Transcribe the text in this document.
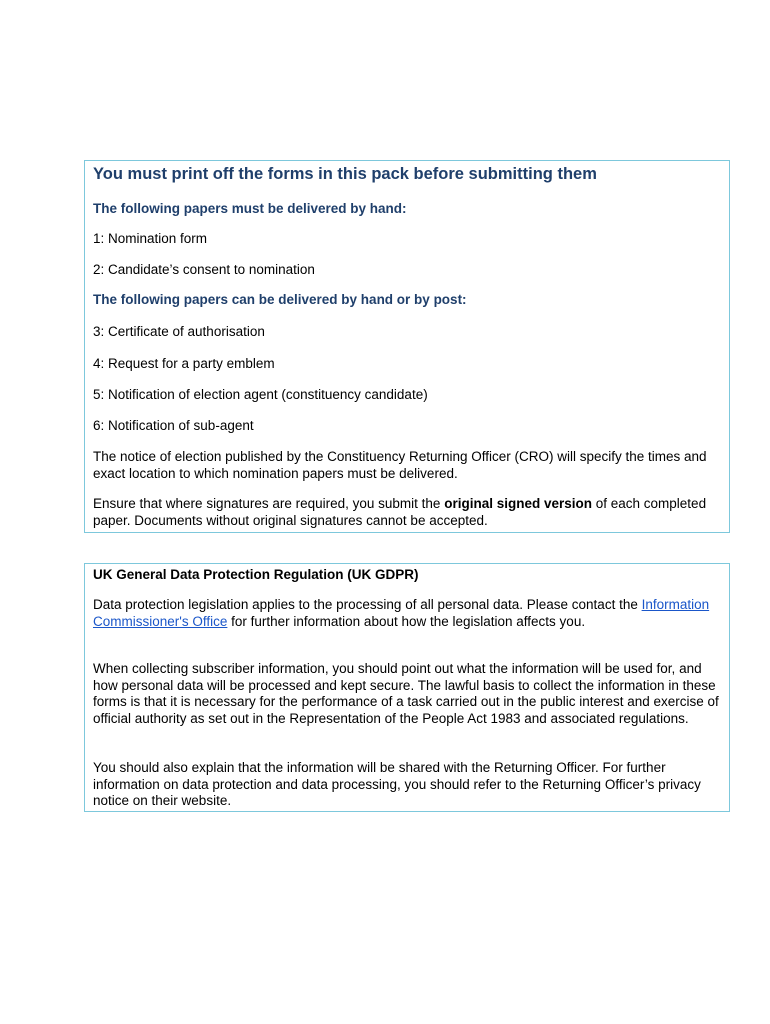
You must print off the forms in this pack before submitting them
The following papers must be delivered by hand:

1: Nomination form

2: Candidate’s consent to nomination

The following papers can be delivered by hand or by post:

3: Certificate of authorisation

4: Request for a party emblem

5: Notification of election agent (constituency candidate)

6: Notification of sub-agent

The notice of election published by the Constituency Returning Officer (CRO) will specify the times and exact location to which nomination papers must be delivered.

Ensure that where signatures are required, you submit the original signed version of each completed paper. Documents without original signatures cannot be accepted.

UK General Data Protection Regulation (UK GDPR)

Data protection legislation applies to the processing of all personal data. Please contact the Information Commissioner's Office for further information about how the legislation affects you.

When collecting subscriber information, you should point out what the information will be used for, and how personal data will be processed and kept secure. The lawful basis to collect the information in these forms is that it is necessary for the performance of a task carried out in the public interest and exercise of official authority as set out in the Representation of the People Act 1983 and associated regulations.

You should also explain that the information will be shared with the Returning Officer. For further information on data protection and data processing, you should refer to the Returning Officer’s privacy notice on their website.
